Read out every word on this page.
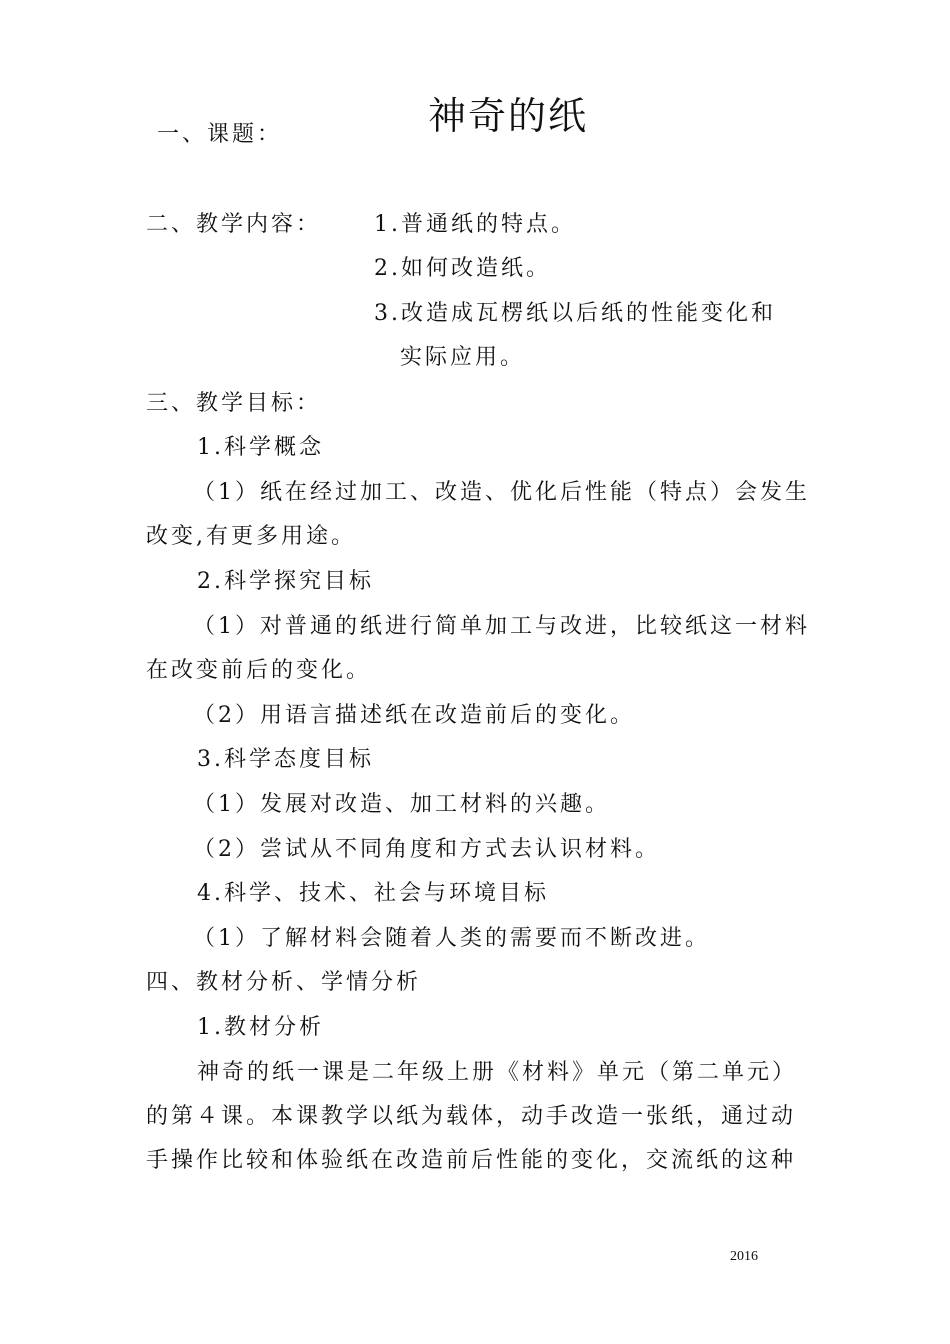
神奇的纸

一、课题：

二、教学内容： 1.普通纸的特点。

2.如何改造纸。

3.改造成瓦楞纸以后纸的性能变化和

实际应用。

三、教学目标：

1.科学概念

（1）纸在经过加工、改造、优化后性能（特点）会发生

改变,有更多用途。

2.科学探究目标

（1）对普通的纸进行简单加工与改进，比较纸这一材料

在改变前后的变化。

（2）用语言描述纸在改造前后的变化。

3.科学态度目标

（1）发展对改造、加工材料的兴趣。

（2）尝试从不同角度和方式去认识材料。

4.科学、技术、社会与环境目标

（1）了解材料会随着人类的需要而不断改进。

四、教材分析、学情分析

1.教材分析

神奇的纸一课是二年级上册《材料》单元（第二单元）

的第４课。本课教学以纸为载体，动手改造一张纸，通过动

手操作比较和体验纸在改造前后性能的变化，交流纸的这种

2016
